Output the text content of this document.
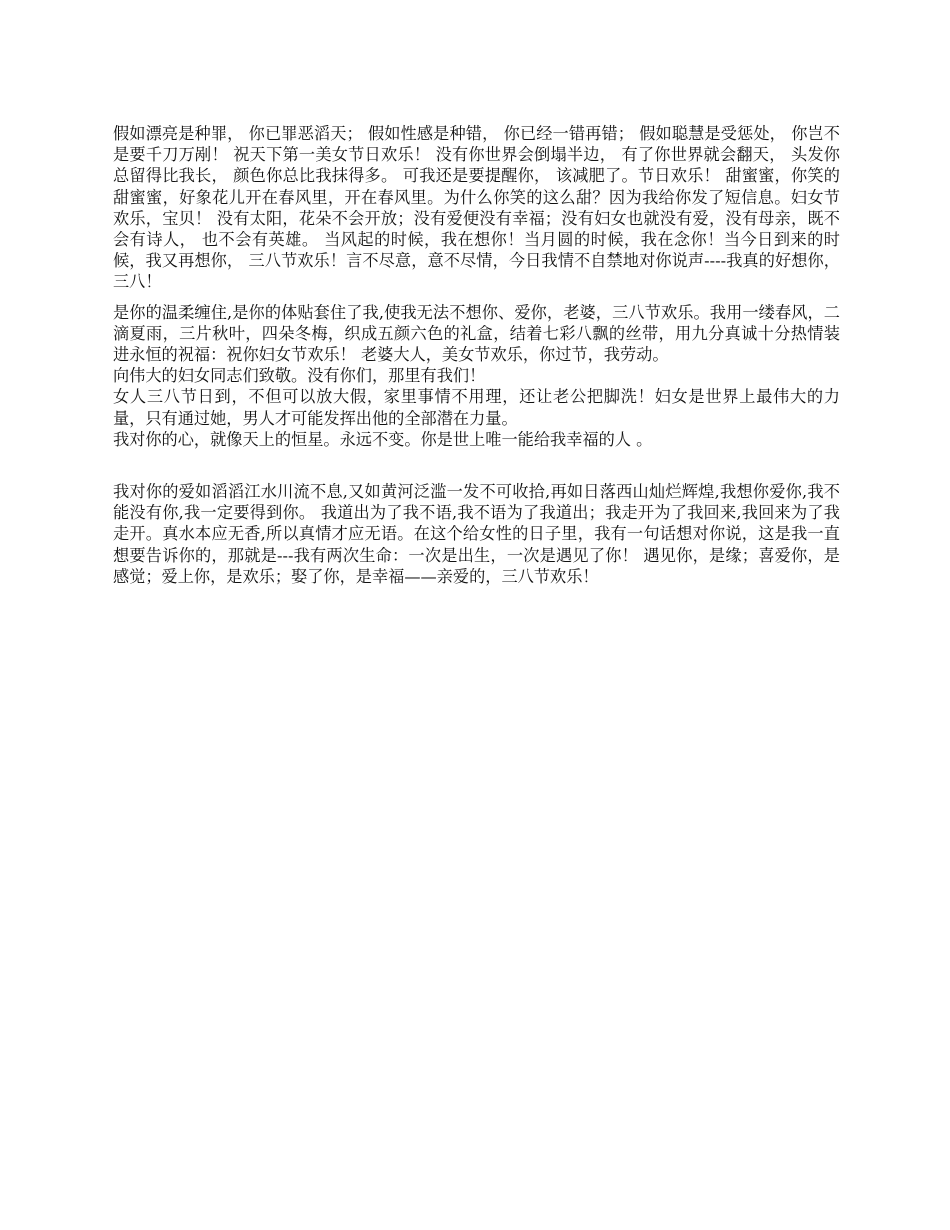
假如漂亮是种罪， 你已罪恶滔天； 假如性感是种错， 你已经一错再错； 假如聪慧是受惩处， 你岂不是要千刀万剐！ 祝天下第一美女节日欢乐！ 没有你世界会倒塌半边， 有了你世界就会翻天， 头发你总留得比我长， 颜色你总比我抹得多。 可我还是要提醒你， 该减肥了。节日欢乐！ 甜蜜蜜，你笑的甜蜜蜜，好象花儿开在春风里，开在春风里。为什么你笑的这么甜？因为我给你发了短信息。妇女节欢乐，宝贝！ 没有太阳，花朵不会开放；没有爱便没有幸福；没有妇女也就没有爱，没有母亲，既不会有诗人， 也不会有英雄。 当风起的时候，我在想你！当月圆的时候，我在念你！当今日到来的时候，我又再想你， 三八节欢乐！言不尽意，意不尽情，今日我情不自禁地对你说声----我真的好想你，三八！

是你的温柔缠住,是你的体贴套住了我,使我无法不想你、爱你，老婆，三八节欢乐。我用一缕春风，二滴夏雨，三片秋叶，四朵冬梅，织成五颜六色的礼盒，结着七彩八飘的丝带，用九分真诚十分热情装进永恒的祝福：祝你妇女节欢乐！ 老婆大人，美女节欢乐，你过节，我劳动。

向伟大的妇女同志们致敬。没有你们，那里有我们！

女人三八节日到，不但可以放大假，家里事情不用理，还让老公把脚洗！妇女是世界上最伟大的力量，只有通过她，男人才可能发挥出他的全部潜在力量。

我对你的心，就像天上的恒星。永远不变。你是世上唯一能给我幸福的人 。

我对你的爱如滔滔江水川流不息,又如黄河泛滥一发不可收拾,再如日落西山灿烂辉煌,我想你爱你,我不能没有你,我一定要得到你。 我道出为了我不语,我不语为了我道出；我走开为了我回来,我回来为了我走开。真水本应无香,所以真情才应无语。在这个给女性的日子里，我有一句话想对你说，这是我一直想要告诉你的，那就是---我有两次生命：一次是出生，一次是遇见了你！ 遇见你，是缘；喜爱你，是感觉；爱上你，是欢乐；娶了你，是幸福——亲爱的，三八节欢乐！
